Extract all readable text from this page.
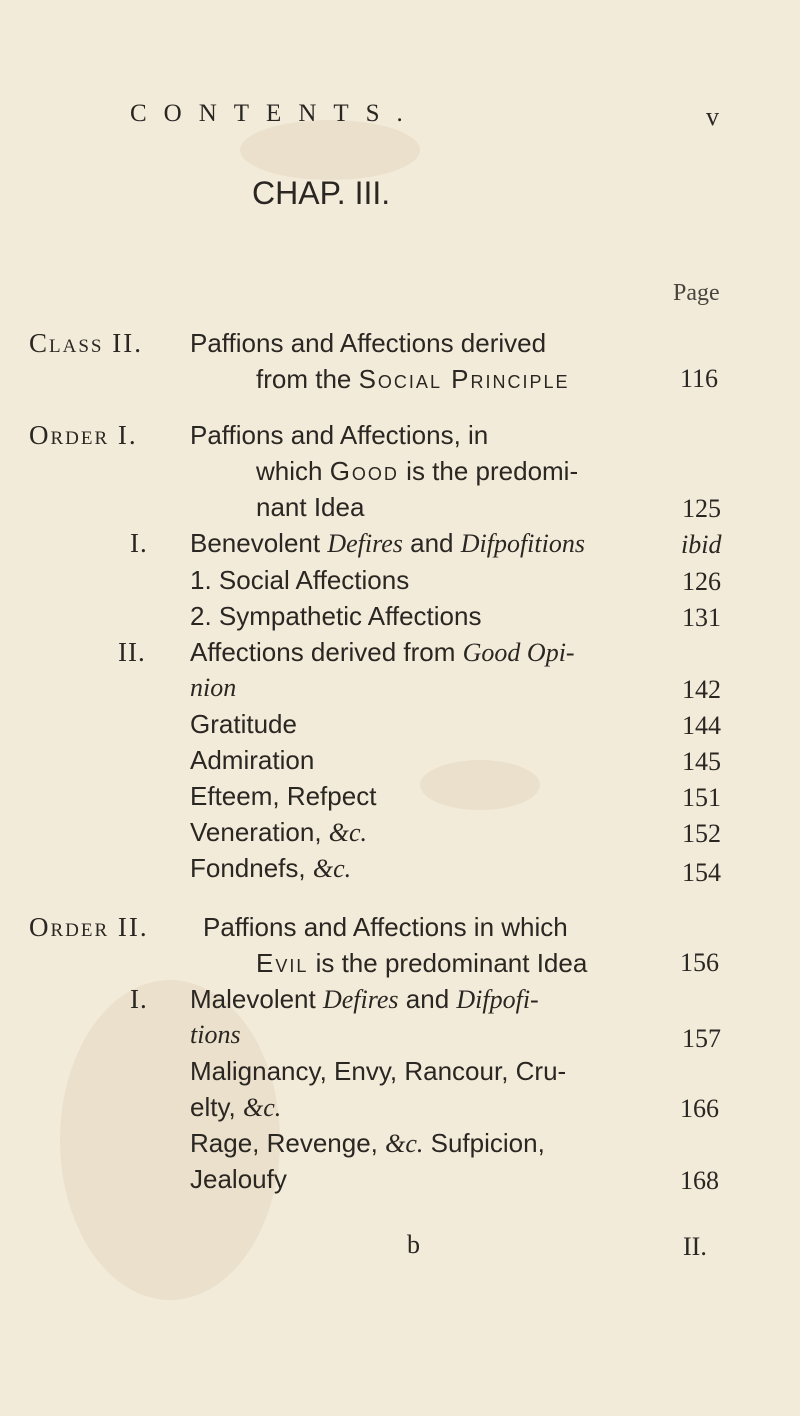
CONTENTS.	v
CHAP. III.
Page
Class II. Paffions and Affections derived
from the Social Principle	116
Order I. Paffions and Affections, in
which Good is the predomi-
nant Idea	125
I. Benevolent Defires and Difpofitions	ibid
1. Social Affections	126
2. Sympathetic Affections	131
II. Affections derived from Good Opi-
nion	142
Gratitude	144
Admiration	145
Efteem, Refpect	151
Veneration, &c.	152
Fondnefs, &c.	154
Order II. Paffions and Affections in which
Evil is the predominant Idea	156
I. Malevolent Defires and Difpofi-
tions	157
Malignancy, Envy, Rancour, Cru-
elty, &c.	166
Rage, Revenge, &c. Sufpicion,
Jealoufy	168
b	II.
